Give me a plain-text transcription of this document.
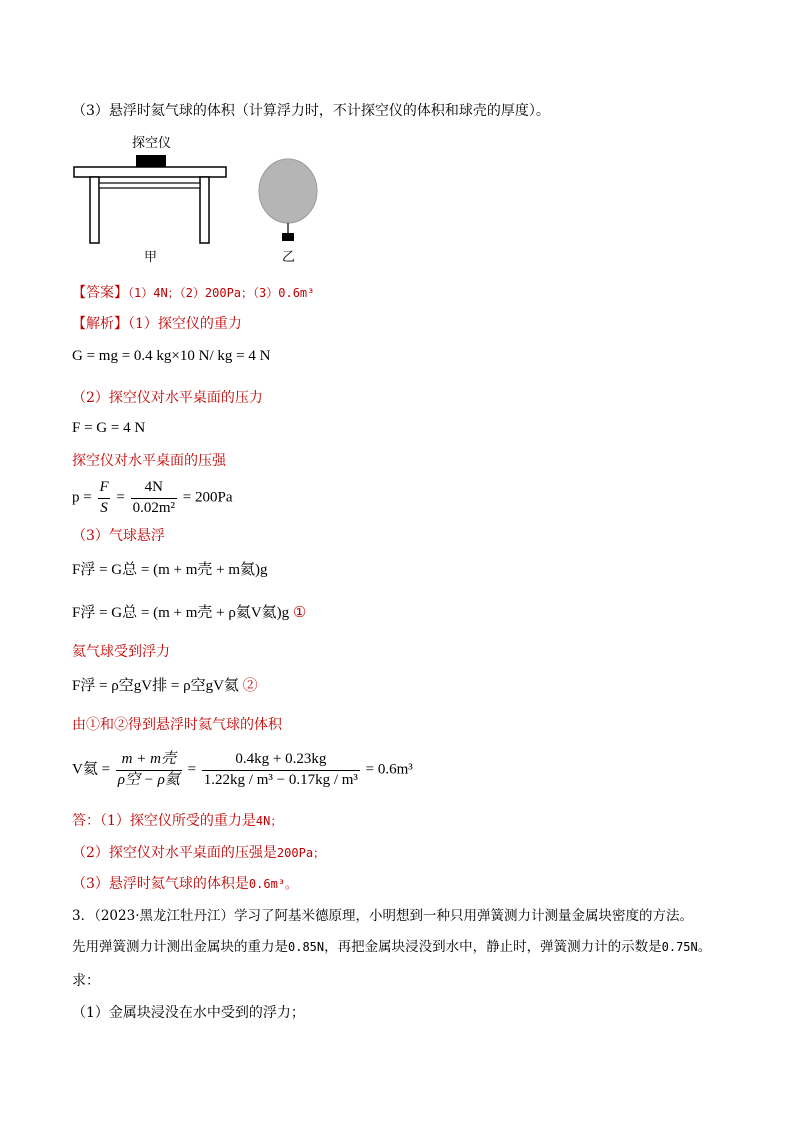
（3）悬浮时氦气球的体积（计算浮力时，不计探空仪的体积和球壳的厚度）。
探空仪
甲	乙
【答案】（1）4N；（2）200Pa；（3）0.6m³
【解析】（1）探空仪的重力
G = mg = 0.4 kg×10 N/ kg = 4 N
（2）探空仪对水平桌面的压力
F = G = 4 N
探空仪对水平桌面的压强
$p = \frac{F}{S} = \frac{4N}{\text{0.02m²}} = 200Pa$
（3）气球悬浮
F浮 = G总 = (m + m壳 + m氦)g
F浮 = G总 = (m + m壳 + ρ氦V氦)g ①
氦气球受到浮力
F浮 = ρ空gV排 = ρ空gV氦 ②
由①和②得到悬浮时氦气球的体积
V氦 = $\frac{\text{m + m壳}}{\text{ρ空 − ρ氦}} = \frac{0.4kg + 0.23kg}{\text{1.22kg / m³ − 0.17kg / m³}} = 0.6m^3$
答：（1）探空仪所受的重力是4N；
（2）探空仪对水平桌面的压强是200Pa；
（3）悬浮时氦气球的体积是0.6m³。
3．（2023·黑龙江牡丹江）学习了阿基米德原理，小明想到一种只用弹簧测力计测量金属块密度的方法。
先用弹簧测力计测出金属块的重力是0.85N，再把金属块浸没到水中，静止时，弹簧测力计的示数是0.75N。
求：
（1）金属块浸没在水中受到的浮力；
